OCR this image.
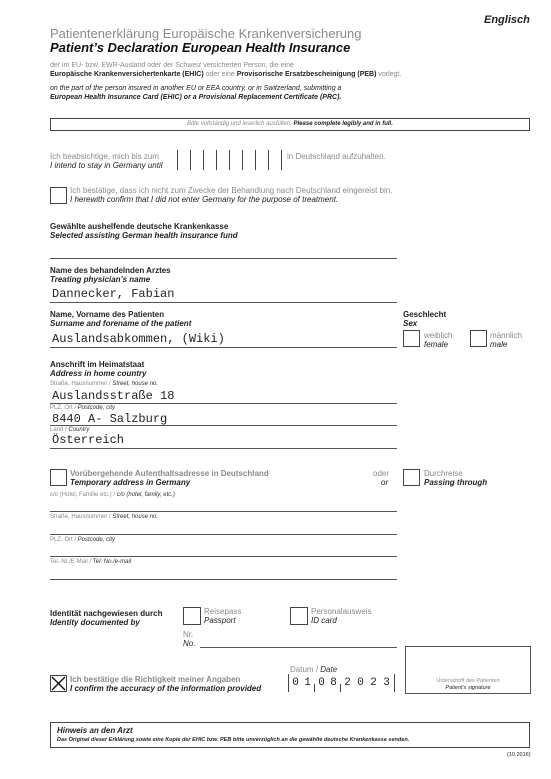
Englisch
Patientenerklärung Europäische Krankenversicherung
Patient’s Declaration European Health Insurance
der im EU- bzw. EWR-Ausland oder der Schweiz versicherten Person, die eine
Europäische Krankenversichertenkarte (EHIC) oder eine Provisorische Ersatzbescheinigung (PEB) vorlegt.
on the part of the person insured in another EU or EEA country, or in Switzerland, submitting a
European Health Insurance Card (EHIC) or a Provisional Replacement Certificate (PRC).
Bitte vollständig und leserlich ausfüllen. Please complete legibly and in full.
Ich beabsichtige, mich bis zum
I intend to stay in Germany until
in Deutschland aufzuhalten.
Ich bestätige, dass ich nicht zum Zwecke der Behandlung nach Deutschland eingereist bin.
I herewith confirm that I did not enter Germany for the purpose of treatment.
Gewählte aushelfende deutsche Krankenkasse
Selected assisting German health insurance fund
Name des behandelnden Arztes
Treating physician’s name
Dannecker, Fabian
Name, Vorname des Patienten
Surname and forename of the patient
Auslandsabkommen, (Wiki)
Geschlecht
Sex
weiblich
female
männlich
male
Anschrift im Heimatstaat
Address in home country
Straße, Hausnummer / Street, house no.
Auslandsstraße 18
PLZ, Ort / Postcode, city
8440 A- Salzburg
Land / Country
Österreich
Vorübergehende Aufenthaltsadresse in Deutschland
Temporary address in Germany
oder
or
Durchreise
Passing through
c/o (Hotel, Familie etc.) / c/o (hotel, family, etc.)
Straße, Hausnummer / Street, house no.
PLZ, Ort / Postcode, city
Tel.-Nr./E-Mail / Tel. No./e-mail
Identität nachgewiesen durch
Identity documented by
Reisepass
Passport
Personalausweis
ID card
Nr.
No.
Ich bestätige die Richtigkeit meiner Angaben
I confirm the accuracy of the information provided
Datum / Date
0 1 0 8 2 0 2 3	Unterschrift des Patienten
Patient’s signature
Hinweis an den Arzt
Das Original dieser Erklärung sowie eine Kopie der EHIC bzw. PEB bitte unverzüglich an die gewählte deutsche Krankenkasse senden.
(10.2016)
